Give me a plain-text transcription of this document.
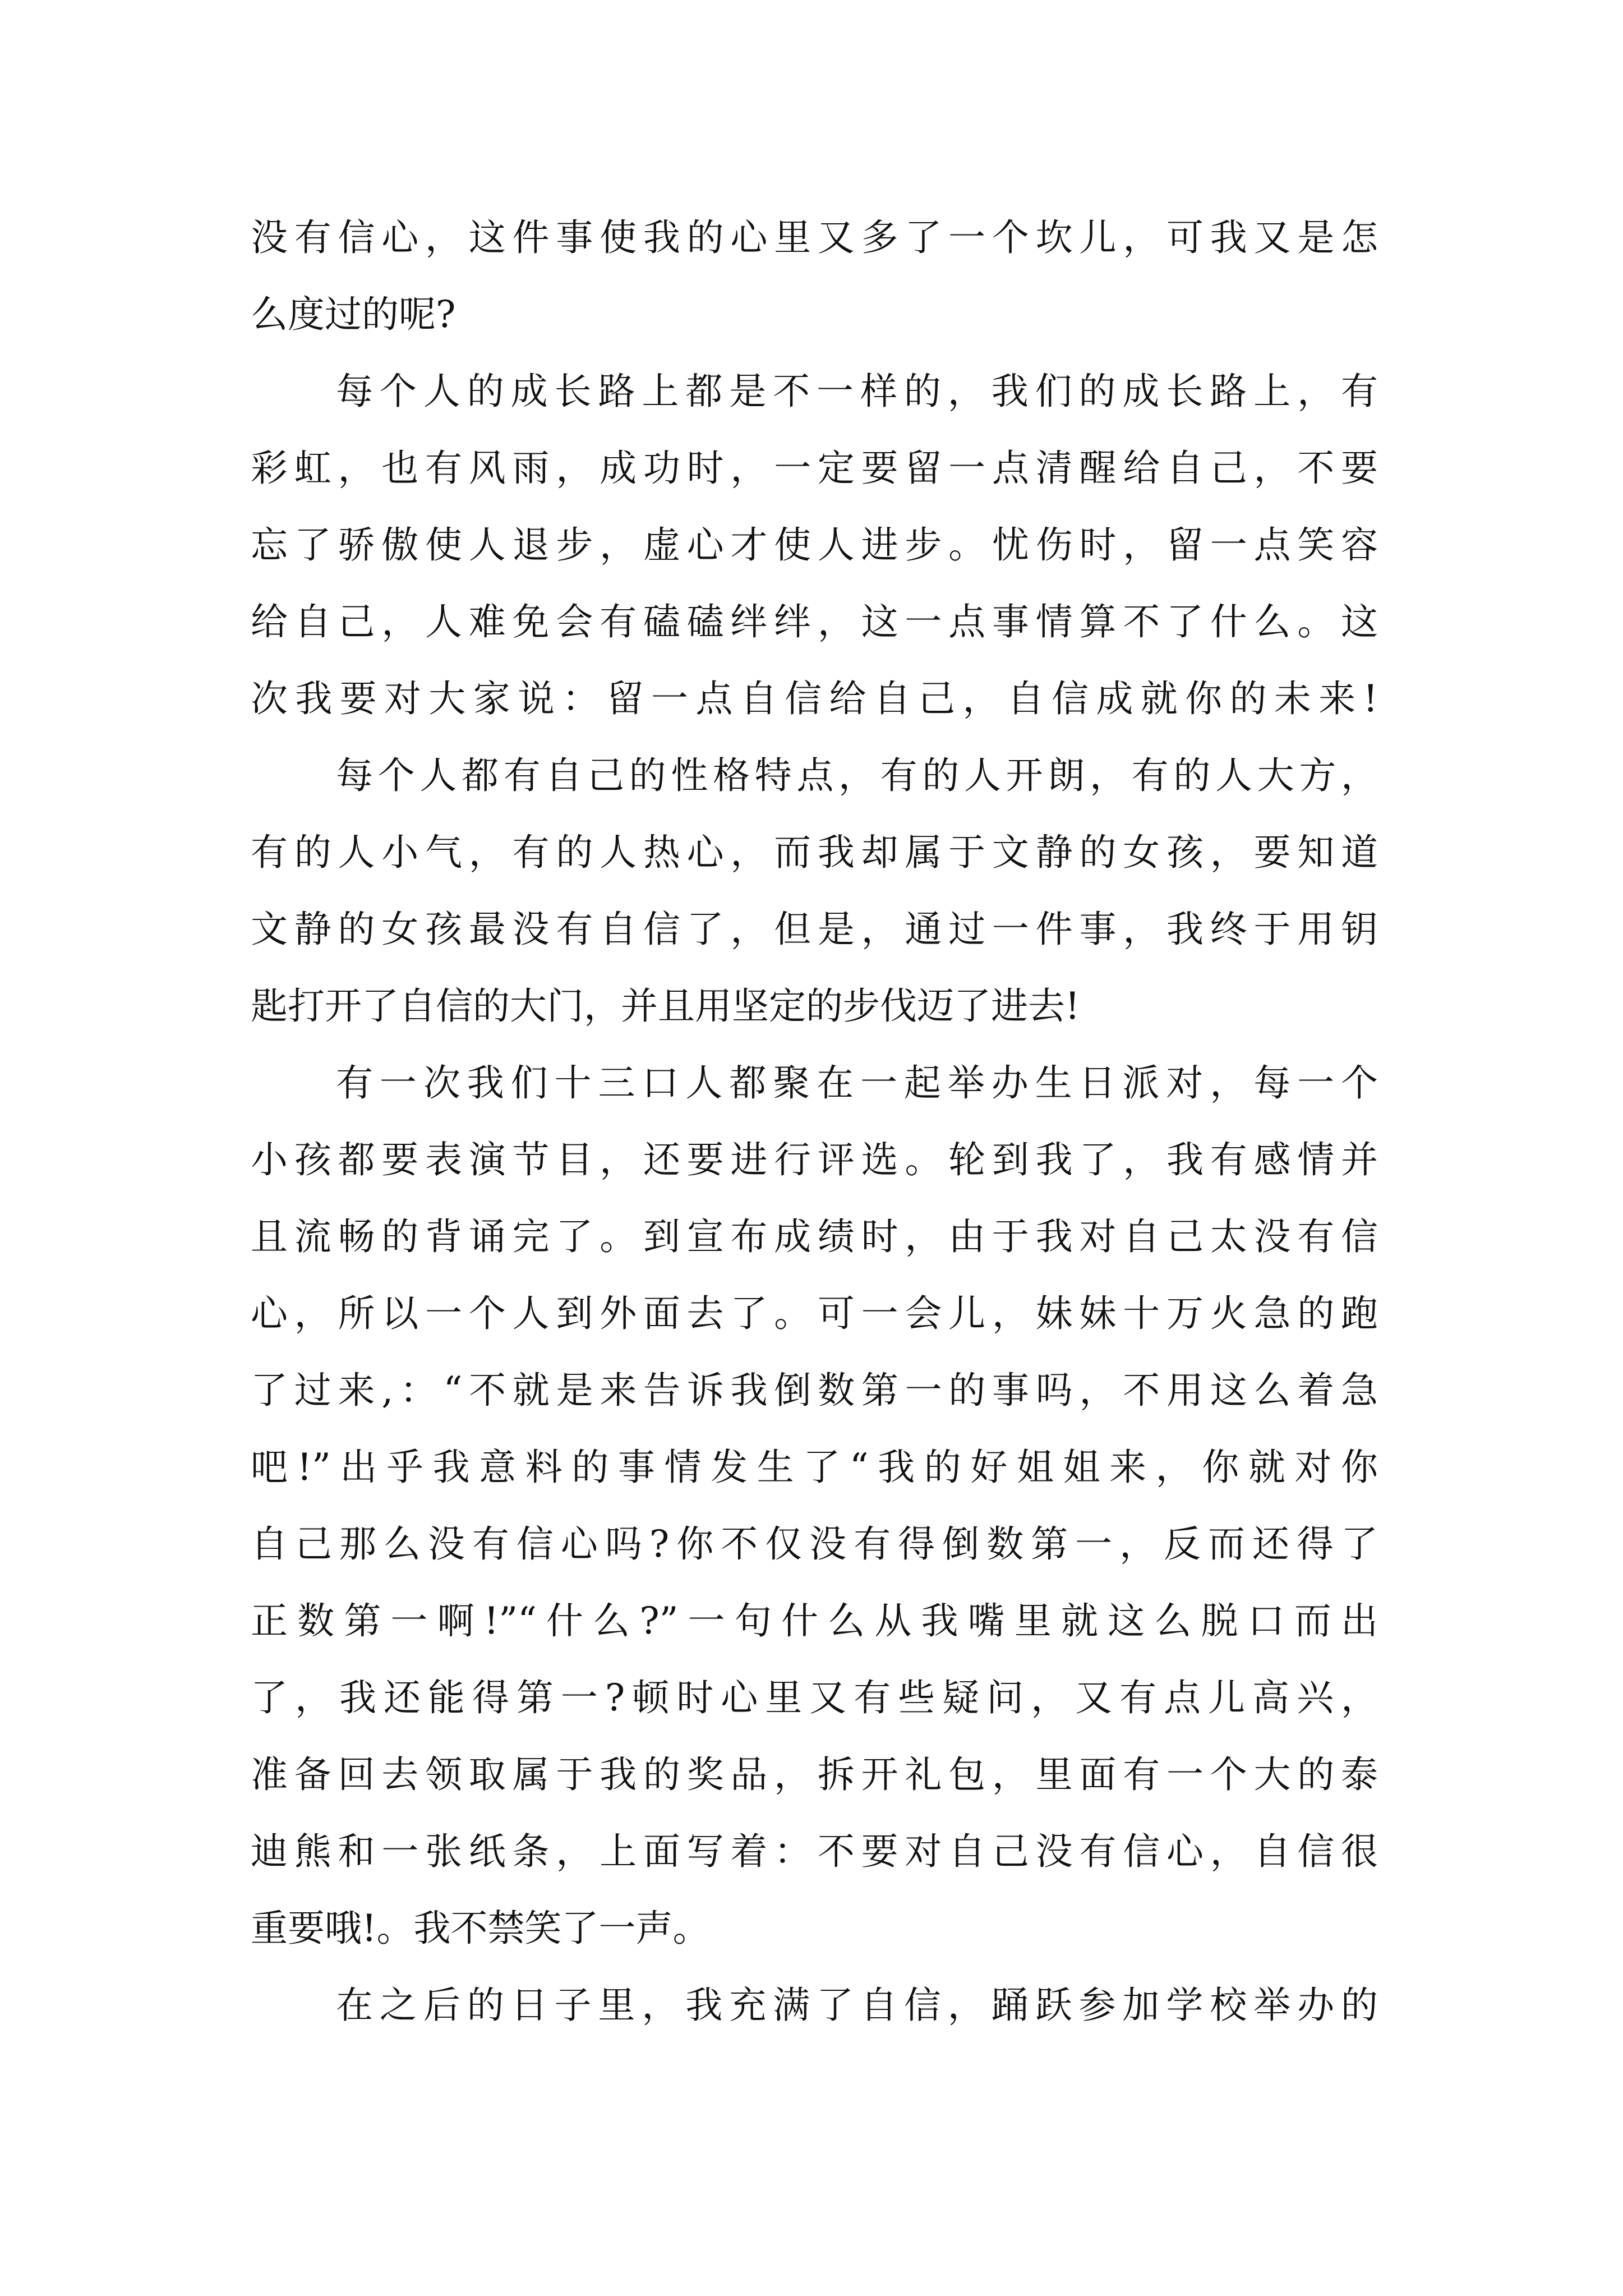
没有信心，这件事使我的心里又多了一个坎儿，可我又是怎
么度过的呢?
每个人的成长路上都是不一样的，我们的成长路上，有
彩虹，也有风雨，成功时，一定要留一点清醒给自己，不要
忘了骄傲使人退步，虚心才使人进步。忧伤时，留一点笑容
给自己，人难免会有磕磕绊绊，这一点事情算不了什么。这
次我要对大家说：留一点自信给自己，自信成就你的未来!
每个人都有自己的性格特点，有的人开朗，有的人大方，
有的人小气，有的人热心，而我却属于文静的女孩，要知道
文静的女孩最没有自信了，但是，通过一件事，我终于用钥
匙打开了自信的大门，并且用坚定的步伐迈了进去!
有一次我们十三口人都聚在一起举办生日派对，每一个
小孩都要表演节目，还要进行评选。轮到我了，我有感情并
且流畅的背诵完了。到宣布成绩时，由于我对自己太没有信
心，所以一个人到外面去了。可一会儿，妹妹十万火急的跑
了过来,：“不就是来告诉我倒数第一的事吗，不用这么着急
吧!”出乎我意料的事情发生了“我的好姐姐来，你就对你
自己那么没有信心吗?你不仅没有得倒数第一，反而还得了
正数第一啊!”“什么?”一句什么从我嘴里就这么脱口而出
了，我还能得第一?顿时心里又有些疑问，又有点儿高兴，
准备回去领取属于我的奖品，拆开礼包，里面有一个大的泰
迪熊和一张纸条，上面写着：不要对自己没有信心，自信很
重要哦!。我不禁笑了一声。
在之后的日子里，我充满了自信，踊跃参加学校举办的
